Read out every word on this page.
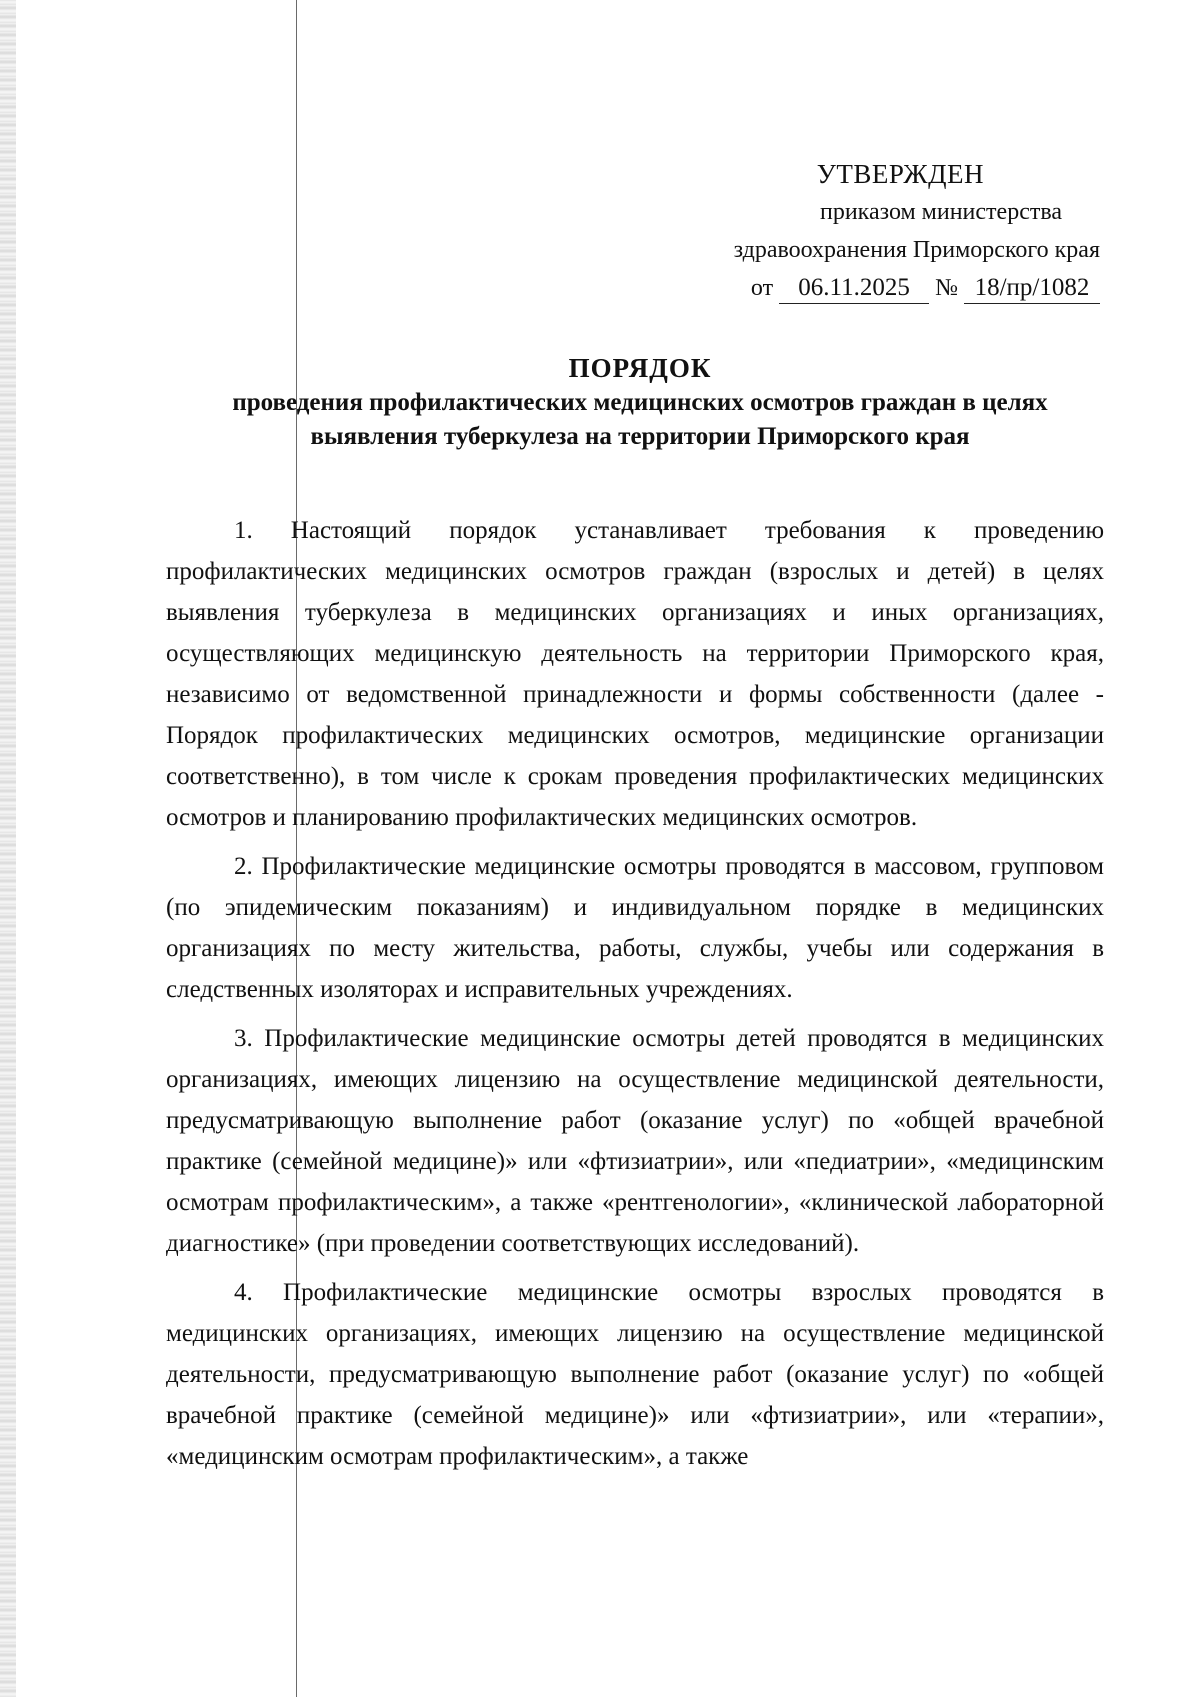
УТВЕРЖДЕН
приказом министерства
здравоохранения Приморского края
от 06.11.2025 № 18/пр/1082
ПОРЯДОК
проведения профилактических медицинских осмотров граждан в целях
выявления туберкулеза на территории Приморского края

1. Настоящий порядок устанавливает требования к проведению профилактических медицинских осмотров граждан (взрослых и детей) в целях выявления туберкулеза в медицинских организациях и иных организациях, осуществляющих медицинскую деятельность на территории Приморского края, независимо от ведомственной принадлежности и формы собственности (далее - Порядок профилактических медицинских осмотров, медицинские организации соответственно), в том числе к срокам проведения профилактических медицинских осмотров и планированию профилактических медицинских осмотров.

2. Профилактические медицинские осмотры проводятся в массовом, групповом (по эпидемическим показаниям) и индивидуальном порядке в медицинских организациях по месту жительства, работы, службы, учебы или содержания в следственных изоляторах и исправительных учреждениях.

3. Профилактические медицинские осмотры детей проводятся в медицинских организациях, имеющих лицензию на осуществление медицинской деятельности, предусматривающую выполнение работ (оказание услуг) по «общей врачебной практике (семейной медицине)» или «фтизиатрии», или «педиатрии», «медицинским осмотрам профилактическим», а также «рентгенологии», «клинической лабораторной диагностике» (при проведении соответствующих исследований).

4. Профилактические медицинские осмотры взрослых проводятся в медицинских организациях, имеющих лицензию на осуществление медицинской деятельности, предусматривающую выполнение работ (оказание услуг) по «общей врачебной практике (семейной медицине)» или «фтизиатрии», или «терапии», «медицинским осмотрам профилактическим», а также
